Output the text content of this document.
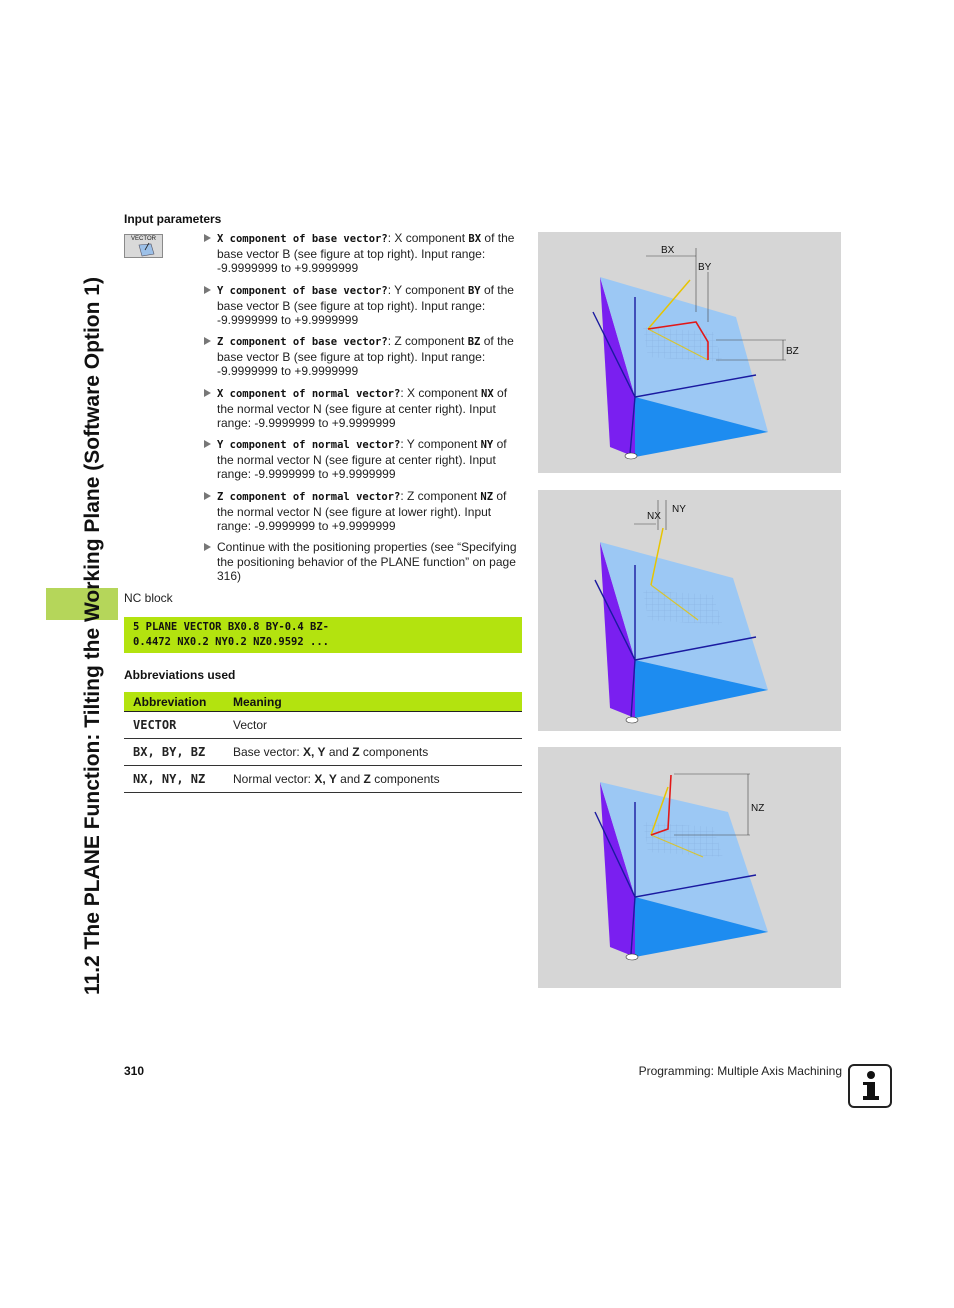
11.2 The PLANE Function: Tilting the Working Plane (Software Option 1)
Input parameters
VECTOR	X component of base vector?: X component BX of the base vector B (see figure at top right). Input range: -9.9999999 to +9.9999999
Y component of base vector?: Y component BY of the base vector B (see figure at top right). Input range: -9.9999999 to +9.9999999
Z component of base vector?: Z component BZ of the base vector B (see figure at top right). Input range: -9.9999999 to +9.9999999
X component of normal vector?: X component NX of the normal vector N (see figure at center right). Input range: -9.9999999 to +9.9999999
Y component of normal vector?: Y component NY of the normal vector N (see figure at center right). Input range: -9.9999999 to +9.9999999
Z component of normal vector?: Z component NZ of the normal vector N (see figure at lower right). Input range: -9.9999999 to +9.9999999
Continue with the positioning properties (see “Specifying the positioning behavior of the PLANE function” on page 316)
NC block
5 PLANE VECTOR BX0.8 BY-0.4 BZ-
0.4472 NX0.2 NY0.2 NZ0.9592 ...
Abbreviations used
Abbreviation	Meaning
VECTOR	Vector
BX, BY, BZ	Base vector: X, Y and Z components
NX, NY, NZ	Normal vector: X, Y and Z components
BX
BY
BZ
NX
NY
NZ
310	Programming: Multiple Axis Machining
